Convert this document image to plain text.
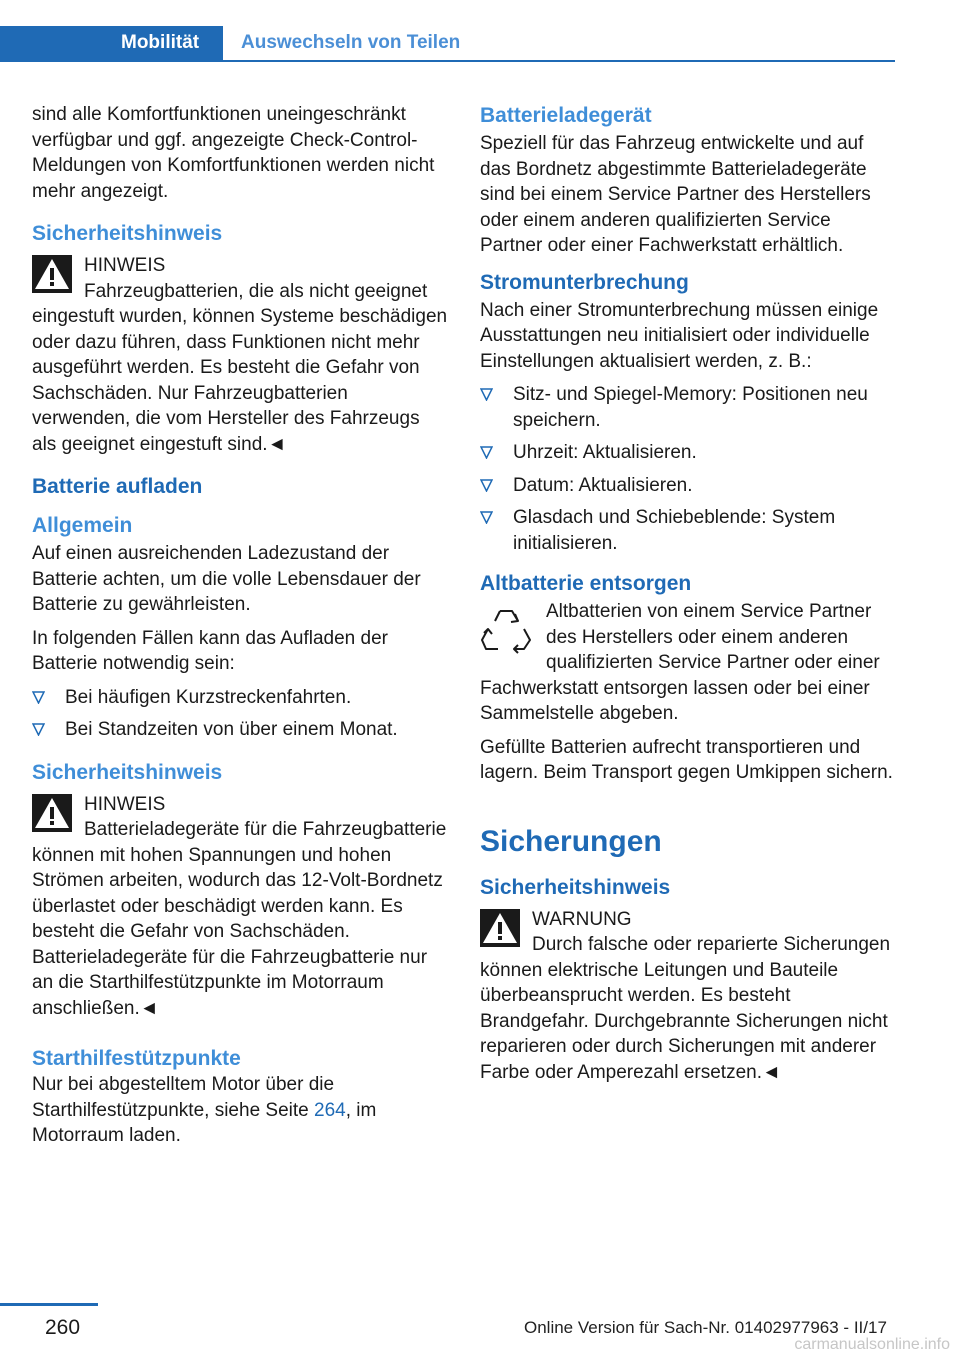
Mobilität	Auswechseln von Teilen

sind alle Komfortfunktionen uneingeschränkt verfügbar und ggf. angezeigte Check-Control-Meldungen von Komfortfunktionen werden nicht mehr angezeigt.

Sicherheitshinweis
HINWEIS
Fahrzeugbatterien, die als nicht geeignet eingestuft wurden, können Systeme beschädigen oder dazu führen, dass Funktionen nicht mehr ausgeführt werden. Es besteht die Gefahr von Sachschäden. Nur Fahrzeugbatterien verwenden, die vom Hersteller des Fahrzeugs als geeignet eingestuft sind.◄
Batterie aufladen
Allgemein

Auf einen ausreichenden Ladezustand der Batterie achten, um die volle Lebensdauer der Batterie zu gewährleisten.

In folgenden Fällen kann das Aufladen der Batterie notwendig sein:

Bei häufigen Kurzstreckenfahrten.
Bei Standzeiten von über einem Monat.
Sicherheitshinweis
HINWEIS
Batterieladegeräte für die Fahrzeugbatterie können mit hohen Spannungen und hohen Strömen arbeiten, wodurch das 12-Volt-Bordnetz überlastet oder beschädigt werden kann. Es besteht die Gefahr von Sachschäden. Batterieladegeräte für die Fahrzeugbatterie nur an die Starthilfestützpunkte im Motorraum anschließen.◄
Starthilfestützpunkte

Nur bei abgestelltem Motor über die Starthilfestützpunkte, siehe Seite 264, im Motorraum laden.

Batterieladegerät

Speziell für das Fahrzeug entwickelte und auf das Bordnetz abgestimmte Batterieladegeräte sind bei einem Service Partner des Herstellers oder einem anderen qualifizierten Service Partner oder einer Fachwerkstatt erhältlich.

Stromunterbrechung

Nach einer Stromunterbrechung müssen einige Ausstattungen neu initialisiert oder individuelle Einstellungen aktualisiert werden, z. B.:

Sitz- und Spiegel-Memory: Positionen neu speichern.
Uhrzeit: Aktualisieren.
Datum: Aktualisieren.
Glasdach und Schiebeblende: System initialisieren.
Altbatterie entsorgen
Altbatterien von einem Service Partner des Herstellers oder einem anderen qualifizierten Service Partner oder einer Fachwerkstatt entsorgen lassen oder bei einer Sammelstelle abgeben.

Gefüllte Batterien aufrecht transportieren und lagern. Beim Transport gegen Umkippen sichern.

Sicherungen
Sicherheitshinweis
WARNUNG
Durch falsche oder reparierte Sicherungen können elektrische Leitungen und Bauteile überbeansprucht werden. Es besteht Brandgefahr. Durchgebrannte Sicherungen nicht reparieren oder durch Sicherungen mit anderer Farbe oder Amperezahl ersetzen.◄
260	Online Version für Sach-Nr. 01402977963 - II/17
carmanualsonline.info
